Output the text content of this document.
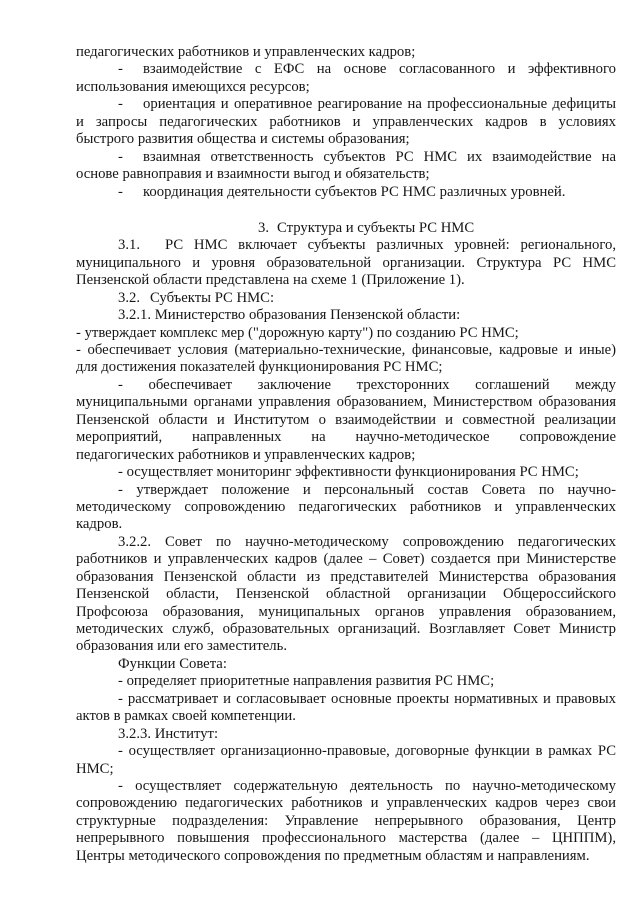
педагогических работников и управленческих кадров;
-	взаимодействие с ЕФС на основе согласованного и эффективного
использования имеющихся ресурсов;
-	ориентация и оперативное реагирование на профессиональные дефициты
и запросы педагогических работников и управленческих кадров в условиях
быстрого развития общества и системы образования;
-	взаимная ответственность субъектов РС НМС их взаимодействие на
основе равноправия и взаимности выгод и обязательств;
-	координация деятельности субъектов РС НМС различных уровней.
3. Структура и субъекты РС НМС
3.1.	РС НМС включает субъекты различных уровней: регионального,
муниципального и уровня образовательной организации. Структура РС НМС
Пензенской области представлена на схеме 1 (Приложение 1).
3.2. Субъекты РС НМС:
3.2.1. Министерство образования Пензенской области:
- утверждает комплекс мер ("дорожную карту") по созданию РС НМС;
- обеспечивает условия (материально-технические, финансовые, кадровые и иные)
для достижения показателей функционирования РС НМС;
- обеспечивает заключение трехсторонних соглашений между
муниципальными органами управления образованием, Министерством образования
Пензенской области и Институтом о взаимодействии и совместной реализации
мероприятий, направленных на научно-методическое сопровождение
педагогических работников и управленческих кадров;
- осуществляет мониторинг эффективности функционирования РС НМС;
- утверждает положение и персональный состав Совета по научно-
методическому сопровождению педагогических работников и управленческих
кадров.
3.2.2. Совет по научно-методическому сопровождению педагогических
работников и управленческих кадров (далее – Совет) создается при Министерстве
образования Пензенской области из представителей Министерства образования
Пензенской области, Пензенской областной организации Общероссийского
Профсоюза образования, муниципальных органов управления образованием,
методических служб, образовательных организаций. Возглавляет Совет Министр
образования или его заместитель.
Функции Совета:
- определяет приоритетные направления развития РС НМС;
- рассматривает и согласовывает основные проекты нормативных и правовых
актов в рамках своей компетенции.
3.2.3. Институт:
- осуществляет организационно-правовые, договорные функции в рамках РС
НМС;
- осуществляет содержательную деятельность по научно-методическому
сопровождению педагогических работников и управленческих кадров через свои
структурные подразделения: Управление непрерывного образования, Центр
непрерывного повышения профессионального мастерства (далее – ЦНППМ),
Центры методического сопровождения по предметным областям и направлениям.
